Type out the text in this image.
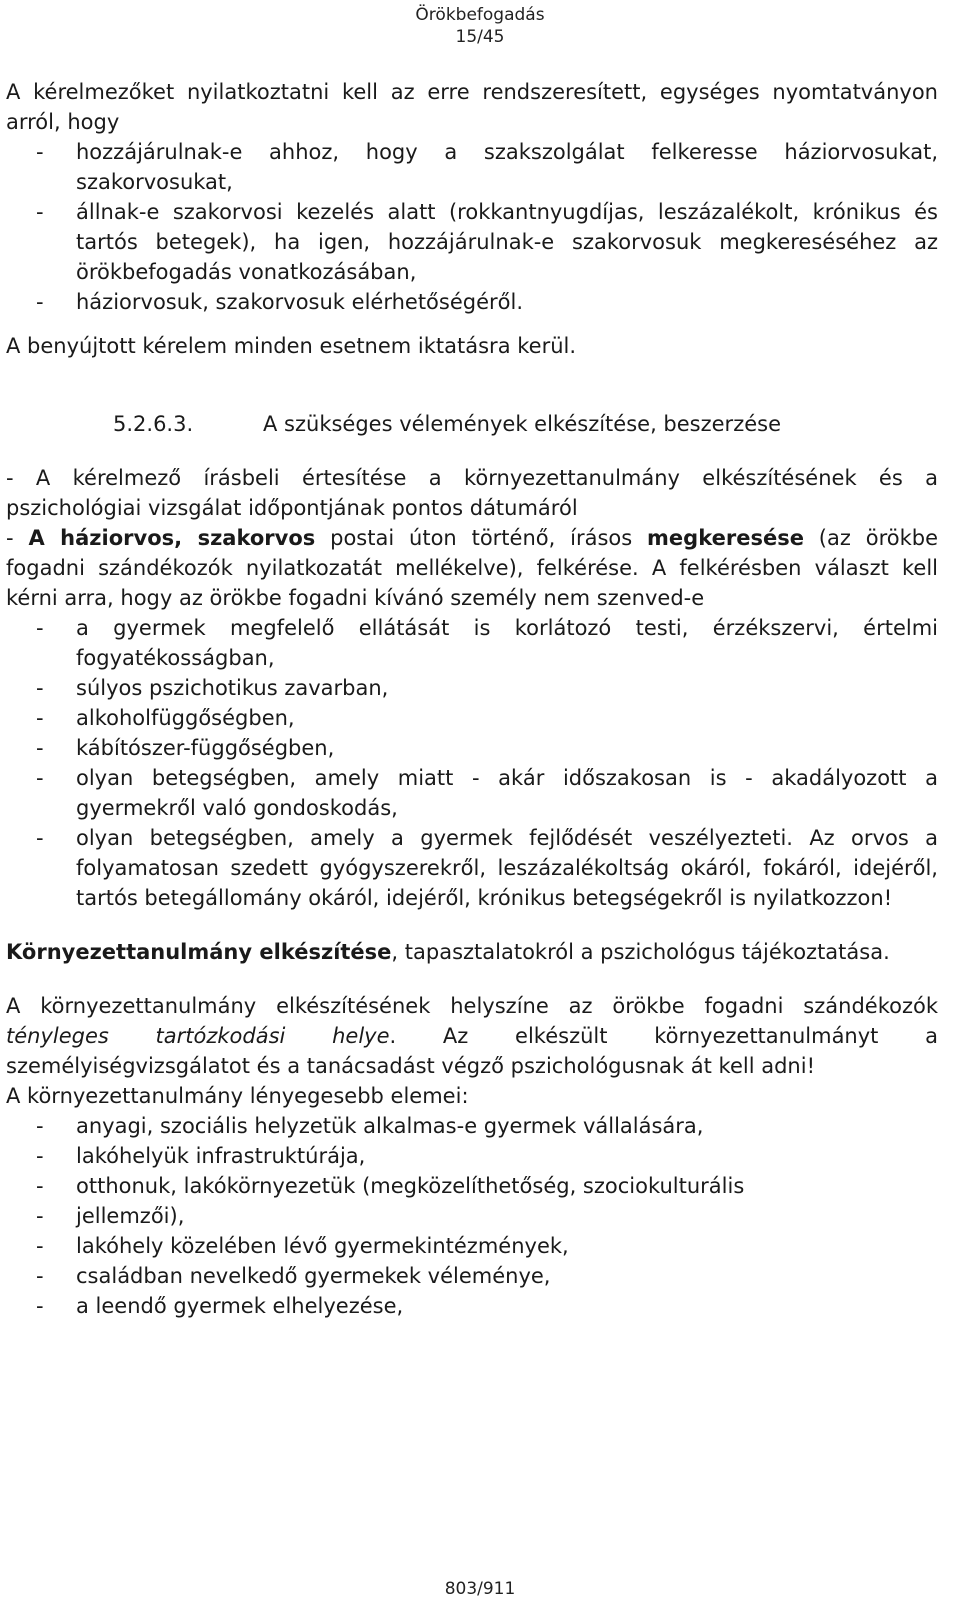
Örökbefogadás
15/45

A kérelmezőket nyilatkoztatni kell az erre rendszeresített, egységes nyomtatványon arról, hogy

- hozzájárulnak-e ahhoz, hogy a szakszolgálat felkeresse háziorvosukat, szakorvosukat,
- állnak-e szakorvosi kezelés alatt (rokkantnyugdíjas, leszázalékolt, krónikus és tartós betegek), ha igen, hozzájárulnak-e szakorvosuk megkereséséhez az örökbefogadás vonatkozásában,
- háziorvosuk, szakorvosuk elérhetőségéről.

A benyújtott kérelem minden esetnem iktatásra kerül.

5.2.6.3.	A szükséges vélemények elkészítése, beszerzése

- A kérelmező írásbeli értesítése a környezettanulmány elkészítésének és a pszichológiai vizsgálat időpontjának pontos dátumáról

- A háziorvos, szakorvos postai úton történő, írásos megkeresése (az örökbe fogadni szándékozók nyilatkozatát mellékelve), felkérése. A felkérésben választ kell kérni arra, hogy az örökbe fogadni kívánó személy nem szenved-e

- a gyermek megfelelő ellátását is korlátozó testi, érzékszervi, értelmi fogyatékosságban,
- súlyos pszichotikus zavarban,
- alkoholfüggőségben,
- kábítószer-függőségben,
- olyan betegségben, amely miatt - akár időszakosan is - akadályozott a gyermekről való gondoskodás,
- olyan betegségben, amely a gyermek fejlődését veszélyezteti. Az orvos a folyamatosan szedett gyógyszerekről, leszázalékoltság okáról, fokáról, idejéről, tartós betegállomány okáról, idejéről, krónikus betegségekről is nyilatkozzon!

Környezettanulmány elkészítése, tapasztalatokról a pszichológus tájékoztatása.

A környezettanulmány elkészítésének helyszíne az örökbe fogadni szándékozók tényleges tartózkodási helye. Az elkészült környezettanulmányt a személyiségvizsgálatot és a tanácsadást végző pszichológusnak át kell adni!

A környezettanulmány lényegesebb elemei:

- anyagi, szociális helyzetük alkalmas-e gyermek vállalására,
- lakóhelyük infrastruktúrája,
- otthonuk, lakókörnyezetük (megközelíthetőség, szociokulturális
- jellemzői),
- lakóhely közelében lévő gyermekintézmények,
- családban nevelkedő gyermekek véleménye,
- a leendő gyermek elhelyezése,
803/911
